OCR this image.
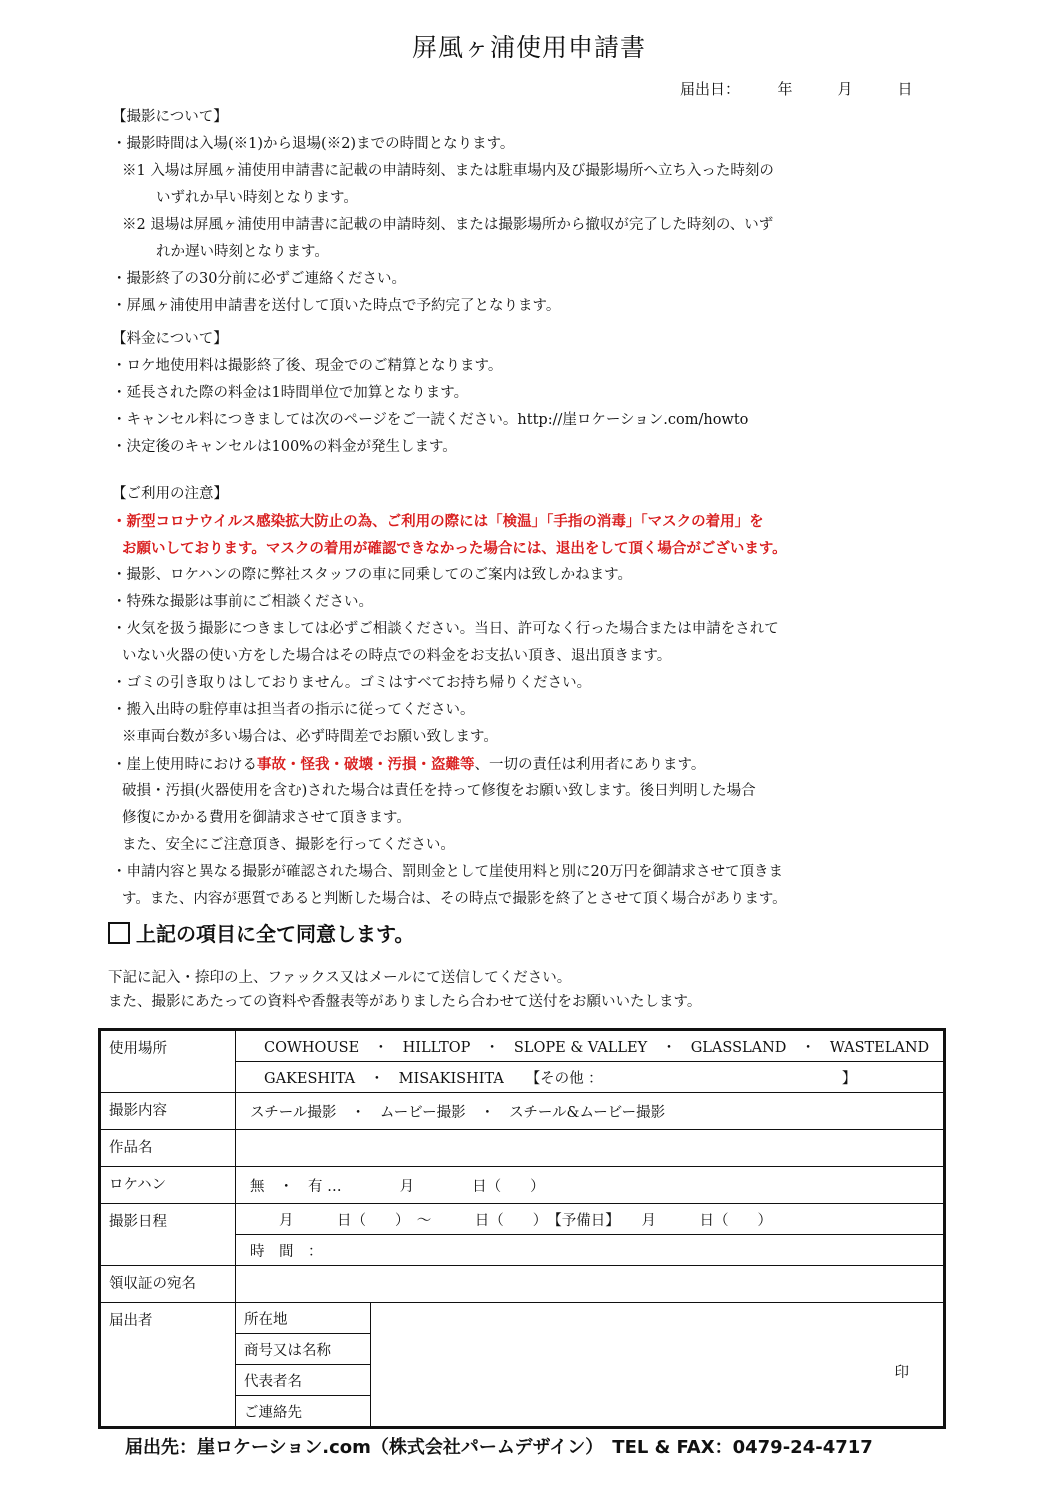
屏風ヶ浦使用申請書
届出日：　　　年　　　月　　　日
【撮影について】
・撮影時間は入場(※1)から退場(※2)までの時間となります。
※1 入場は屏風ヶ浦使用申請書に記載の申請時刻、または駐車場内及び撮影場所へ立ち入った時刻の
いずれか早い時刻となります。
※2 退場は屏風ヶ浦使用申請書に記載の申請時刻、または撮影場所から撤収が完了した時刻の、いず
れか遅い時刻となります。
・撮影終了の30分前に必ずご連絡ください。
・屏風ヶ浦使用申請書を送付して頂いた時点で予約完了となります。
【料金について】
・ロケ地使用料は撮影終了後、現金でのご精算となります。
・延長された際の料金は1時間単位で加算となります。
・キャンセル料につきましては次のページをご一読ください。http://崖ロケーション.com/howto
・決定後のキャンセルは100%の料金が発生します。
【ご利用の注意】
・新型コロナウイルス感染拡大防止の為、ご利用の際には「検温」「手指の消毒」「マスクの着用」を
お願いしております。マスクの着用が確認できなかった場合には、退出をして頂く場合がございます。
・撮影、ロケハンの際に弊社スタッフの車に同乗してのご案内は致しかねます。
・特殊な撮影は事前にご相談ください。
・火気を扱う撮影につきましては必ずご相談ください。当日、許可なく行った場合または申請をされて
いない火器の使い方をした場合はその時点での料金をお支払い頂き、退出頂きます。
・ゴミの引き取りはしておりません。ゴミはすべてお持ち帰りください。
・搬入出時の駐停車は担当者の指示に従ってください。
※車両台数が多い場合は、必ず時間差でお願い致します。
・崖上使用時における事故・怪我・破壊・汚損・盗難等、一切の責任は利用者にあります。
破損・汚損(火器使用を含む)された場合は責任を持って修復をお願い致します。後日判明した場合
修復にかかる費用を御請求させて頂きます。
また、安全にご注意頂き、撮影を行ってください。
・申請内容と異なる撮影が確認された場合、罰則金として崖使用料と別に20万円を御請求させて頂きま
す。また、内容が悪質であると判断した場合は、その時点で撮影を終了とさせて頂く場合があります。
上記の項目に全て同意します。
下記に記入・捺印の上、ファックス又はメールにて送信してください。
また、撮影にあたっての資料や香盤表等がありましたら合わせて送付をお願いいたします。
使用場所	COWHOUSE　・　HILLTOP　・　SLOPE & VALLEY　・　GLASSLAND　・　WASTELAND	
	GAKESHITA　・　MISAKISHITA　　【その他 ：　　　　　　　　　　　　　　　　　】	
撮影内容	スチール撮影　・　ムービー撮影　・　スチール&ムービー撮影	
作品名		
ロケハン	無　・　有 …　　　　月　　　　日（　　）	
撮影日程	　　月　　　日（　　）　～　　　日（　　）　【予備日】　　月　　　日（　　）	
	時　間　：	
領収証の宛名		
届出者	所在地	印

	商号又は名称	
	代表者名	
	ご連絡先	
届出先：崖ロケーション.com（株式会社パームデザイン）　TEL & FAX：0479-24-4717
